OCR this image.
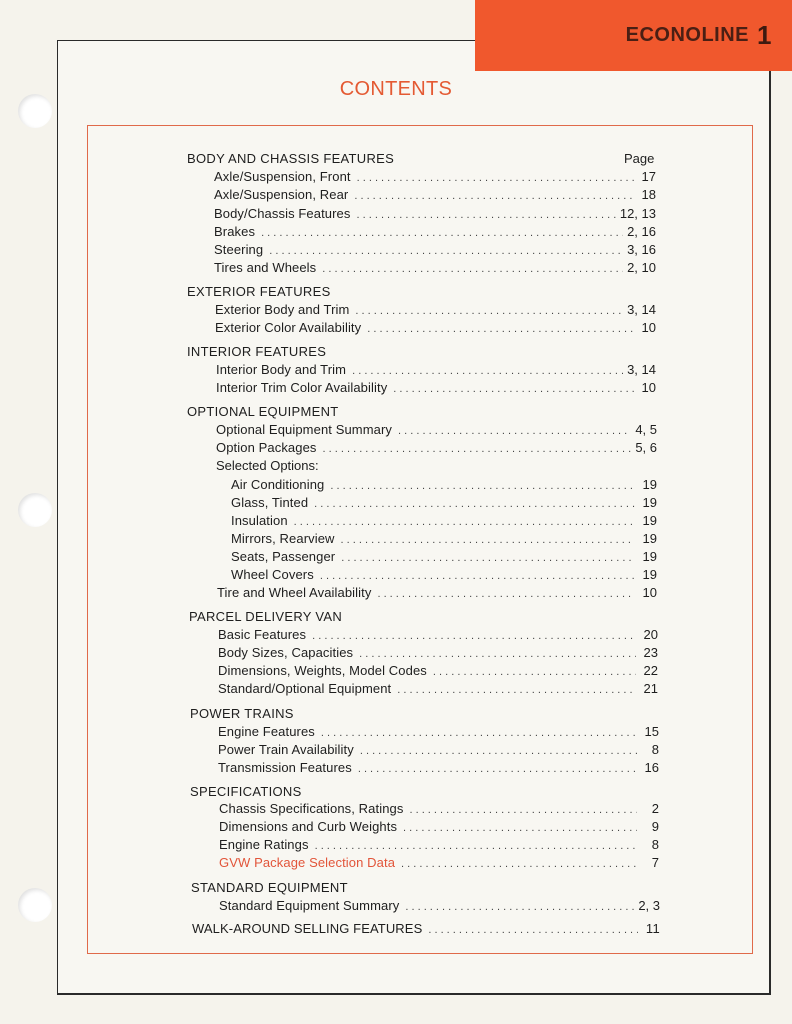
ECONOLINE 1
CONTENTS
BODY AND CHASSIS FEATURES	Page
Axle/Suspension, Front . . .	17
Axle/Suspension, Rear . . .	18
Body/Chassis Features . . .	12, 13
Brakes . . .	2, 16
Steering . . .	3, 16
Tires and Wheels . . .	2, 10
EXTERIOR FEATURES
Exterior Body and Trim . . .	3, 14
Exterior Color Availability . . .	10
INTERIOR FEATURES
Interior Body and Trim . . .	3, 14
Interior Trim Color Availability . . .	10
OPTIONAL EQUIPMENT
Optional Equipment Summary . . .	4, 5
Option Packages . . .	5, 6
Selected Options:
Air Conditioning . . .	19
Glass, Tinted . . .	19
Insulation . . .	19
Mirrors, Rearview . . .	19
Seats, Passenger . . .	19
Wheel Covers . . .	19
Tire and Wheel Availability . . .	10
PARCEL DELIVERY VAN
Basic Features . . .	20
Body Sizes, Capacities . . .	23
Dimensions, Weights, Model Codes . . .	22
Standard/Optional Equipment . . .	21
POWER TRAINS
Engine Features . . .	15
Power Train Availability . . .	8
Transmission Features . . .	16
SPECIFICATIONS
Chassis Specifications, Ratings . . .	2
Dimensions and Curb Weights . . .	9
Engine Ratings . . .	8
GVW Package Selection Data . . .	7
STANDARD EQUIPMENT
Standard Equipment Summary . . .	2, 3
WALK-AROUND SELLING FEATURES . . .	11
